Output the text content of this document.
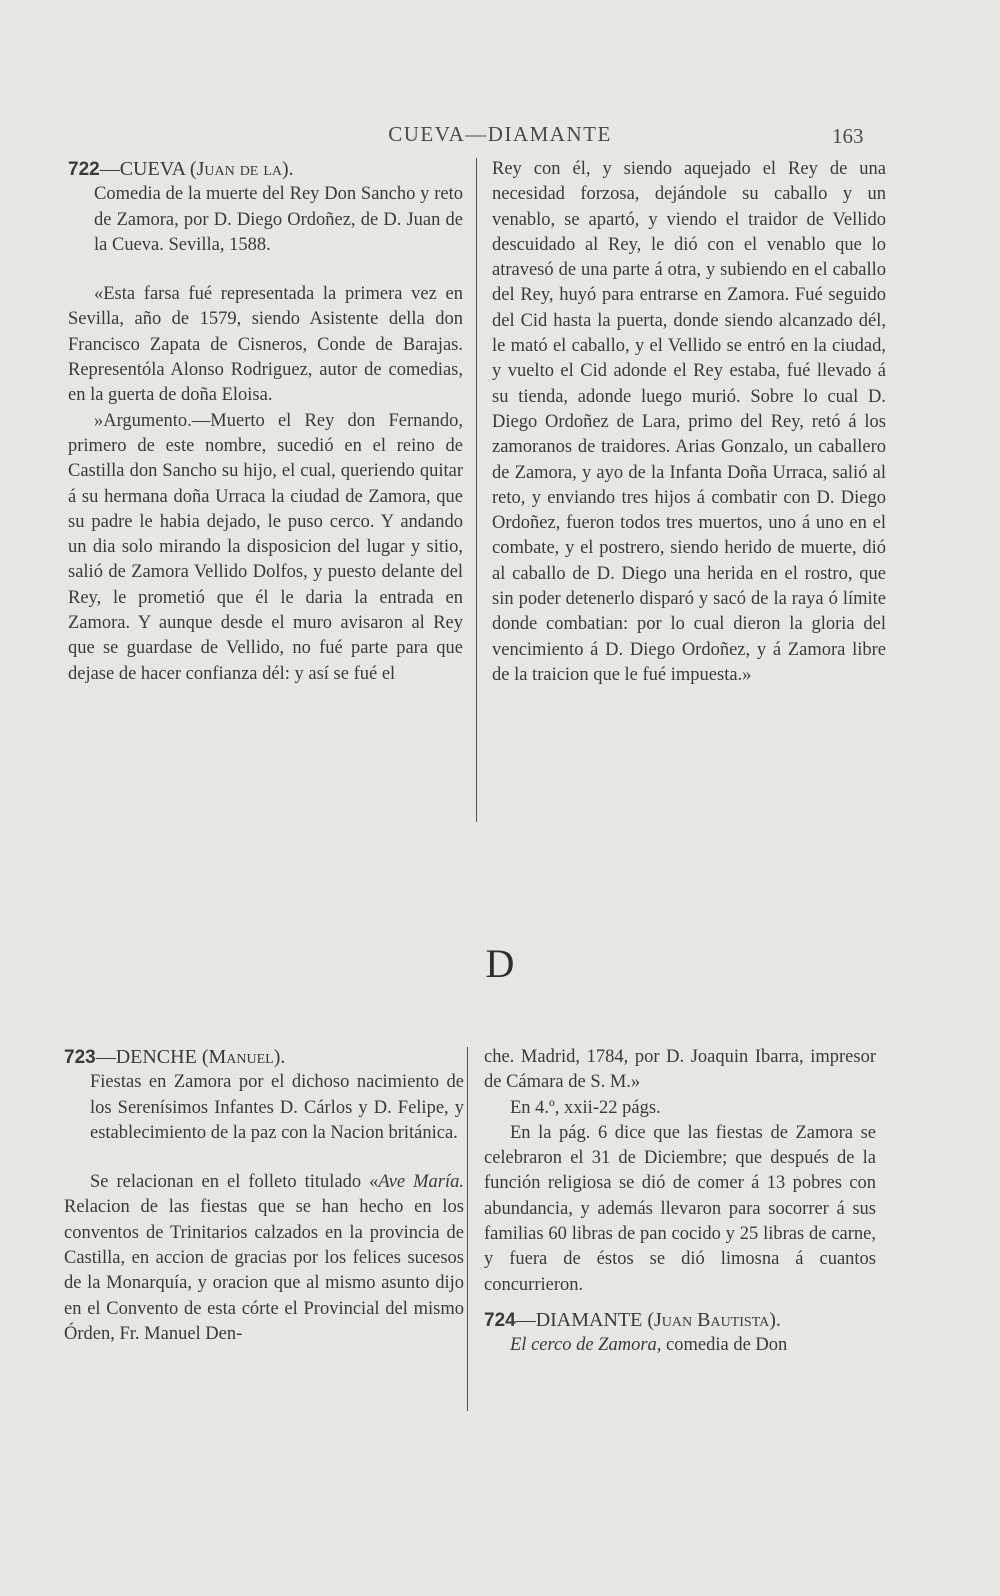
CUEVA—DIAMANTE	163

722—CUEVA (Juan de la).

Comedia de la muerte del Rey Don Sancho y reto de Zamora, por D. Diego Ordoñez, de D. Juan de la Cueva. Sevilla, 1588.

«Esta farsa fué representada la primera vez en Sevilla, año de 1579, siendo Asistente della don Francisco Zapata de Cisneros, Conde de Barajas. Representóla Alonso Rodriguez, autor de comedias, en la guerta de doña Eloisa.

»Argumento.—Muerto el Rey don Fernando, primero de este nombre, sucedió en el reino de Castilla don Sancho su hijo, el cual, queriendo quitar á su hermana doña Urraca la ciudad de Zamora, que su padre le habia dejado, le puso cerco. Y andando un dia solo mirando la disposicion del lugar y sitio, salió de Zamora Vellido Dolfos, y puesto delante del Rey, le prometió que él le daria la entrada en Zamora. Y aunque desde el muro avisaron al Rey que se guardase de Vellido, no fué parte para que dejase de hacer confianza dél: y así se fué el

Rey con él, y siendo aquejado el Rey de una necesidad forzosa, dejándole su caballo y un venablo, se apartó, y viendo el traidor de Vellido descuidado al Rey, le dió con el venablo que lo atravesó de una parte á otra, y subiendo en el caballo del Rey, huyó para entrarse en Zamora. Fué seguido del Cid hasta la puerta, donde siendo alcanzado dél, le mató el caballo, y el Vellido se entró en la ciudad, y vuelto el Cid adonde el Rey estaba, fué llevado á su tienda, adonde luego murió. Sobre lo cual D. Diego Ordoñez de Lara, primo del Rey, retó á los zamoranos de traidores. Arias Gonzalo, un caballero de Zamora, y ayo de la Infanta Doña Urraca, salió al reto, y enviando tres hijos á combatir con D. Diego Ordoñez, fueron todos tres muertos, uno á uno en el combate, y el postrero, siendo herido de muerte, dió al caballo de D. Diego una herida en el rostro, que sin poder detenerlo disparó y sacó de la raya ó límite donde combatian: por lo cual dieron la gloria del vencimiento á D. Diego Ordoñez, y á Zamora libre de la traicion que le fué impuesta.»

D

723—DENCHE (Manuel).

Fiestas en Zamora por el dichoso nacimiento de los Serenísimos Infantes D. Cárlos y D. Felipe, y establecimiento de la paz con la Nacion británica.

Se relacionan en el folleto titulado «Ave María. Relacion de las fiestas que se han hecho en los conventos de Trinitarios calzados en la provincia de Castilla, en accion de gracias por los felices sucesos de la Monarquía, y oracion que al mismo asunto dijo en el Convento de esta córte el Provincial del mismo Órden, Fr. Manuel Den-

che. Madrid, 1784, por D. Joaquin Ibarra, impresor de Cámara de S. M.»

En 4.º, xxii-22 págs.

En la pág. 6 dice que las fiestas de Zamora se celebraron el 31 de Diciembre; que después de la función religiosa se dió de comer á 13 pobres con abundancia, y además llevaron para socorrer á sus familias 60 libras de pan cocido y 25 libras de carne, y fuera de éstos se dió limosna á cuantos concurrieron.

724—DIAMANTE (Juan Bautista).

El cerco de Zamora, comedia de Don
